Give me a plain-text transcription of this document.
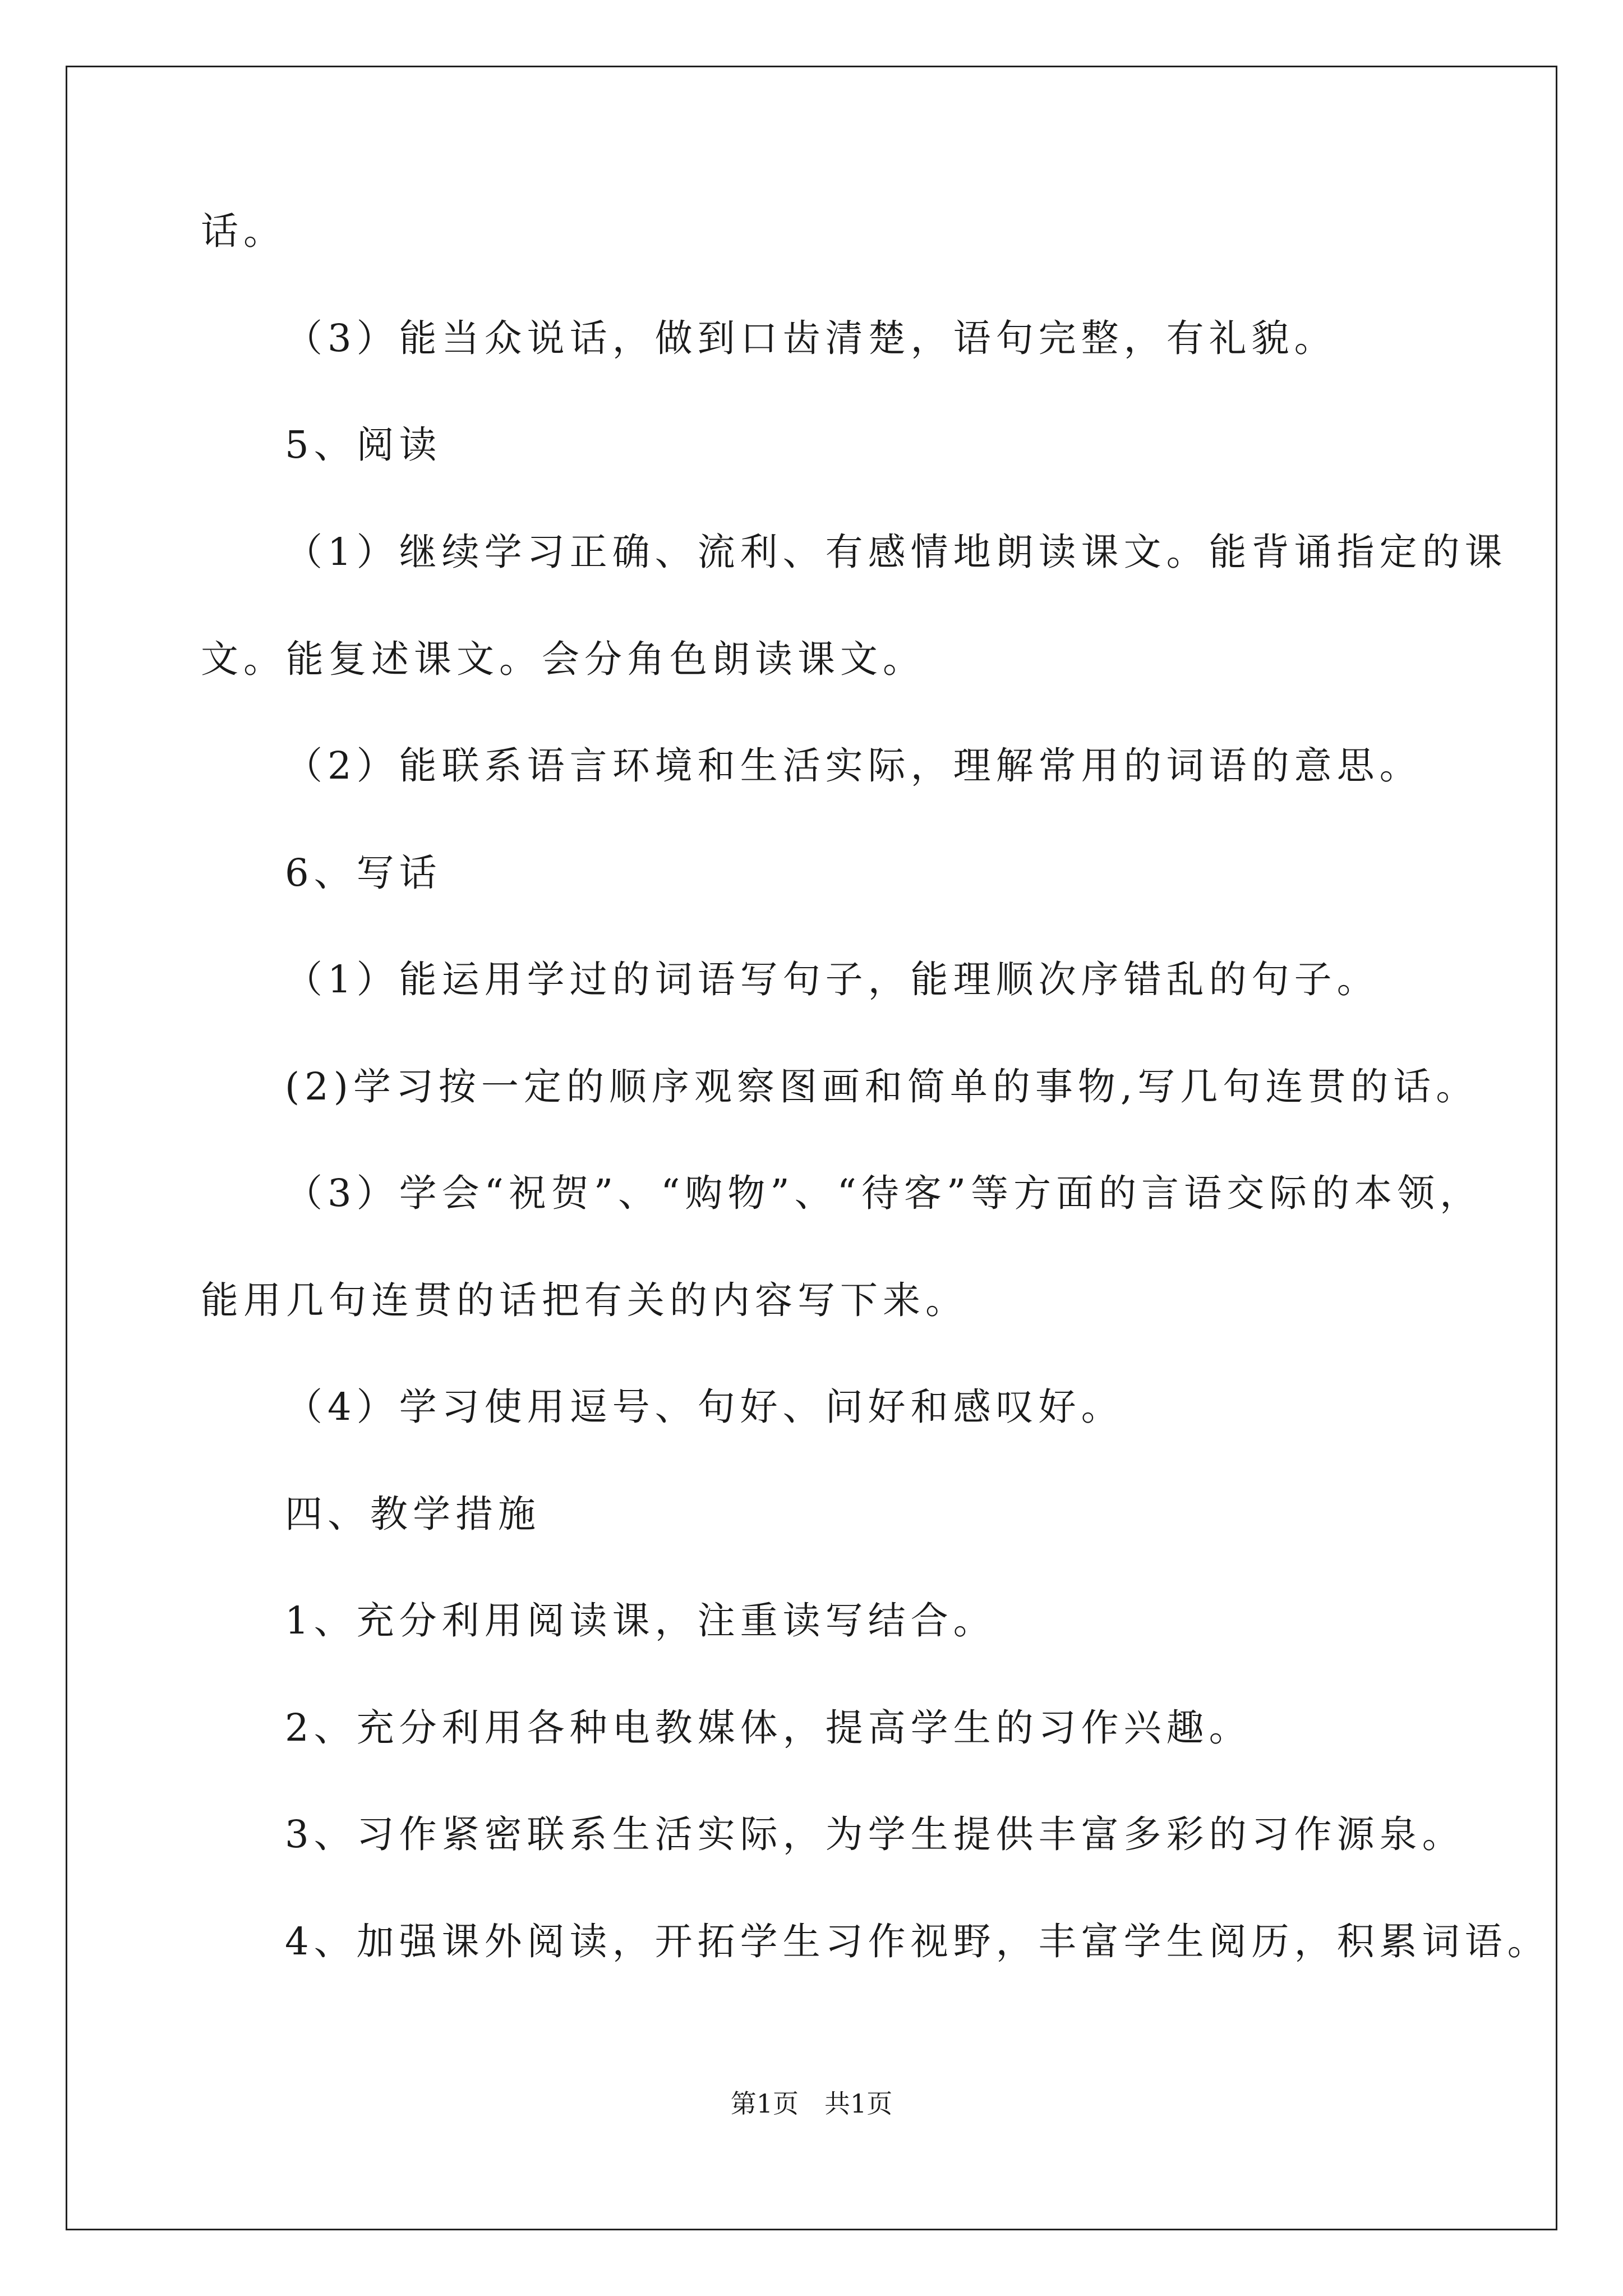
话。

（3）能当众说话，做到口齿清楚，语句完整，有礼貌。

5、阅读

（1）继续学习正确、流利、有感情地朗读课文。能背诵指定的课

文。能复述课文。会分角色朗读课文。

（2）能联系语言环境和生活实际，理解常用的词语的意思。

6、写话

（1）能运用学过的词语写句子，能理顺次序错乱的句子。

(2)学习按一定的顺序观察图画和简单的事物,写几句连贯的话。

（3）学会“祝贺”、“购物”、“待客”等方面的言语交际的本领，

能用几句连贯的话把有关的内容写下来。

（4）学习使用逗号、句好、问好和感叹好。

四、教学措施

1、充分利用阅读课，注重读写结合。

2、充分利用各种电教媒体，提高学生的习作兴趣。

3、习作紧密联系生活实际，为学生提供丰富多彩的习作源泉。

4、加强课外阅读，开拓学生习作视野，丰富学生阅历，积累词语。

第1页　共1页
